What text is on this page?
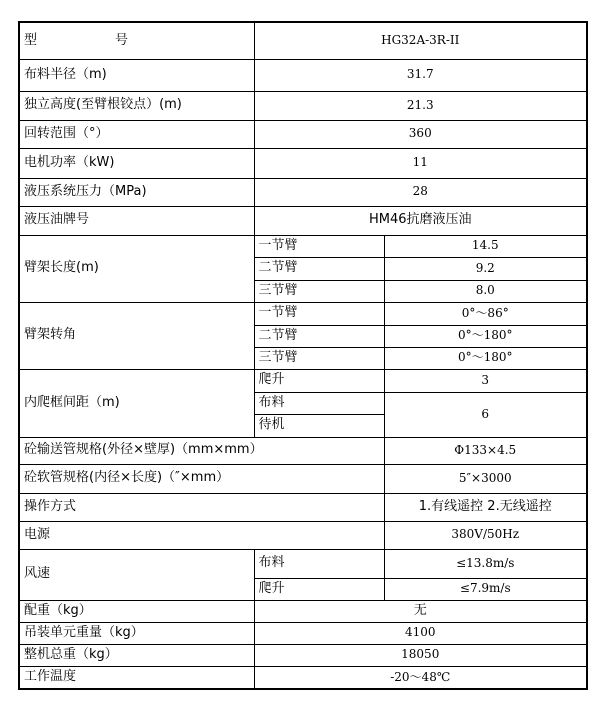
型 号	HG32A-3R-II	
布料半径（m)	31.7	
独立高度(至臂根铰点）(m)	21.3	
回转范围（°）	360	
电机功率（kW)	11	
液压系统压力（MPa)	28	
液压油牌号	HM46抗磨液压油	
臂架长度(m)	一节臂	14.5
	二节臂	9.2
	三节臂	8.0
臂架转角	一节臂	0°～86°
	二节臂	0°～180°
	三节臂	0°～180°
内爬框间距（m)	爬升	3
	布料	6
	待机	
砼输送管规格(外径×壁厚)（mm×mm）		Φ133×4.5
砼软管规格(内径×长度)（″×mm）		5″×3000
操作方式		1.有线遥控 2.无线遥控
电源		380V/50Hz
风速	布料	≤13.8m/s
	爬升	≤7.9m/s
配重（kg）	无	
吊装单元重量（kg）	4100	
整机总重（kg）	18050	
工作温度	-20～48℃	
